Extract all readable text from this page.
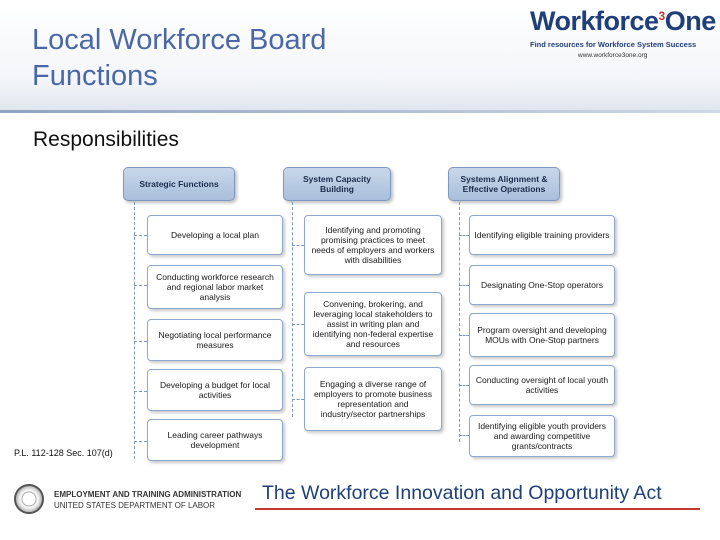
Local Workforce Board Functions
Workforce$^3$One
Find resources for Workforce System Success
www.workforce3one.org
Responsibilities
Strategic Functions
Developing a local plan
Conducting workforce research and regional labor market analysis
Negotiating local performance measures
Developing a budget for local activities
Leading career pathways development
System Capacity Building
Identifying and promoting promising practices to meet needs of employers and workers with disabilities
Convening, brokering, and leveraging local stakeholders to assist in writing plan and identifying non-federal expertise and resources
Engaging a diverse range of employers to promote business representation and industry/sector partnerships
Systems Alignment & Effective Operations
Identifying eligible training providers
Designating One-Stop operators
Program oversight and developing MOUs with One-Stop partners
Conducting oversight of local youth activities
Identifying eligible youth providers and awarding competitive grants/contracts
P.L. 112-128 Sec. 107(d)
EMPLOYMENT AND TRAINING ADMINISTRATION
UNITED STATES DEPARTMENT OF LABOR
The Workforce Innovation and Opportunity Act
